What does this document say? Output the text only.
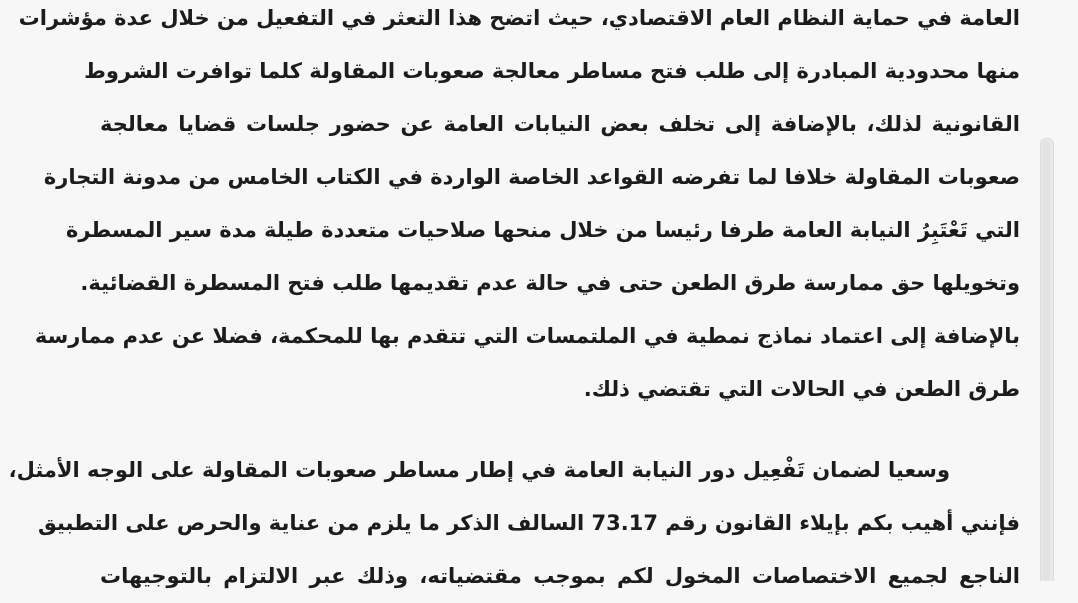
العامة في حماية النظام العام الاقتصادي، حيث اتضح هذا التعثر في التفعيل من خلال عدة مؤشرات
منها محدودية المبادرة إلى طلب فتح مساطر معالجة صعوبات المقاولة كلما توافرت الشروط
القانونية لذلك، بالإضافة إلى تخلف بعض النيابات العامة عن حضور جلسات قضايا معالجة
صعوبات المقاولة خلافا لما تفرضه القواعد الخاصة الواردة في الكتاب الخامس من مدونة التجارة
التي تَعْتَبِرُ النيابة العامة طرفا رئيسا من خلال منحها صلاحيات متعددة طيلة مدة سير المسطرة
وتخويلها حق ممارسة طرق الطعن حتى في حالة عدم تقديمها طلب فتح المسطرة القضائية.
بالإضافة إلى اعتماد نماذج نمطية في الملتمسات التي تتقدم بها للمحكمة، فضلا عن عدم ممارسة
طرق الطعن في الحالات التي تقتضي ذلك.
وسعيا لضمان تَفْعِيل دور النيابة العامة في إطار مساطر صعوبات المقاولة على الوجه الأمثل،
فإنني أهيب بكم بإيلاء القانون رقم 73.17 السالف الذكر ما يلزم من عناية والحرص على التطبيق
الناجع لجميع الاختصاصات المخول لكم بموجب مقتضياته، وذلك عبر الالتزام بالتوجيهات
